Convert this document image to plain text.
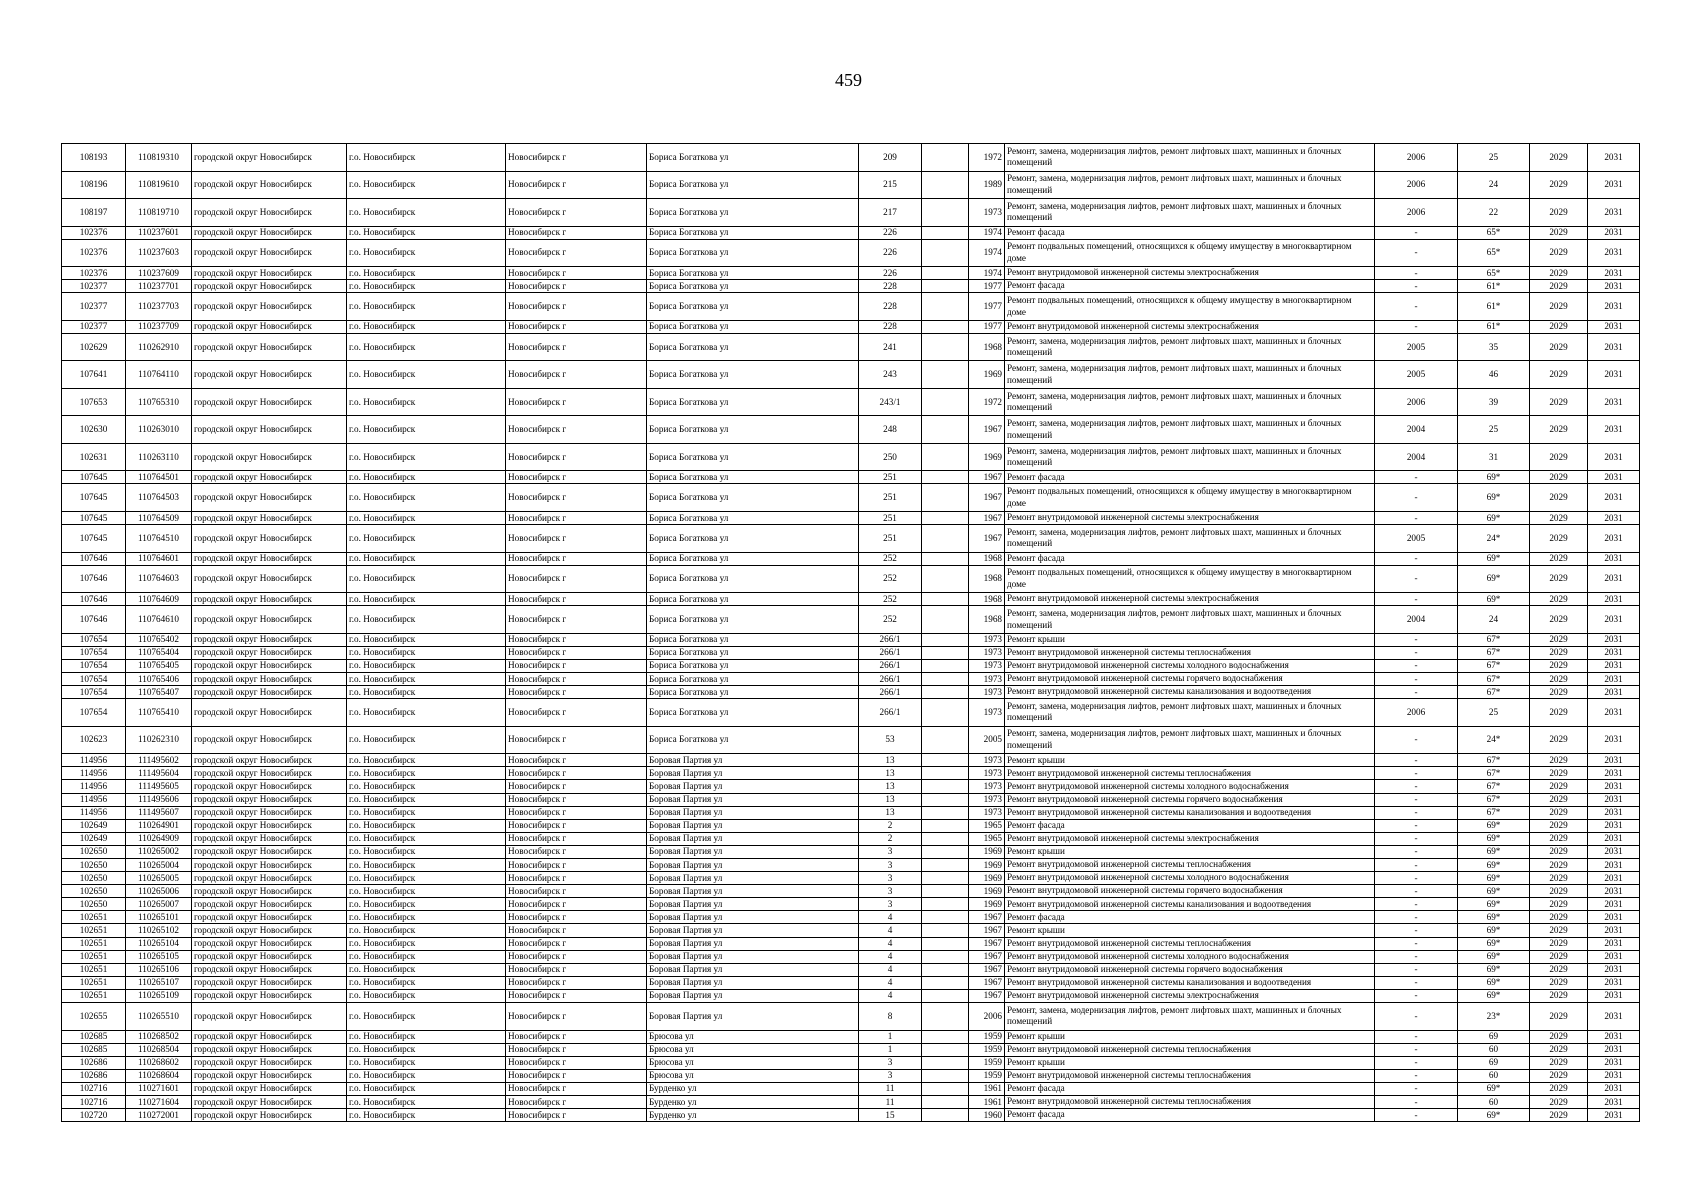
459
108193	110819310	городской округ Новосибирск	г.о. Новосибирск	Новосибирск г	Бориса Богаткова ул	209		1972	Ремонт, замена, модернизация лифтов, ремонт лифтовых шахт, машинных и блочных помещений	2006	25	2029	2031
108196	110819610	городской округ Новосибирск	г.о. Новосибирск	Новосибирск г	Бориса Богаткова ул	215		1989	Ремонт, замена, модернизация лифтов, ремонт лифтовых шахт, машинных и блочных помещений	2006	24	2029	2031
108197	110819710	городской округ Новосибирск	г.о. Новосибирск	Новосибирск г	Бориса Богаткова ул	217		1973	Ремонт, замена, модернизация лифтов, ремонт лифтовых шахт, машинных и блочных помещений	2006	22	2029	2031
102376	110237601	городской округ Новосибирск	г.о. Новосибирск	Новосибирск г	Бориса Богаткова ул	226		1974	Ремонт фасада	-	65*	2029	2031
102376	110237603	городской округ Новосибирск	г.о. Новосибирск	Новосибирск г	Бориса Богаткова ул	226		1974	Ремонт подвальных помещений, относящихся к общему имуществу в многоквартирном доме	-	65*	2029	2031
102376	110237609	городской округ Новосибирск	г.о. Новосибирск	Новосибирск г	Бориса Богаткова ул	226		1974	Ремонт внутридомовой инженерной системы электроснабжения	-	65*	2029	2031
102377	110237701	городской округ Новосибирск	г.о. Новосибирск	Новосибирск г	Бориса Богаткова ул	228		1977	Ремонт фасада	-	61*	2029	2031
102377	110237703	городской округ Новосибирск	г.о. Новосибирск	Новосибирск г	Бориса Богаткова ул	228		1977	Ремонт подвальных помещений, относящихся к общему имуществу в многоквартирном доме	-	61*	2029	2031
102377	110237709	городской округ Новосибирск	г.о. Новосибирск	Новосибирск г	Бориса Богаткова ул	228		1977	Ремонт внутридомовой инженерной системы электроснабжения	-	61*	2029	2031
102629	110262910	городской округ Новосибирск	г.о. Новосибирск	Новосибирск г	Бориса Богаткова ул	241		1968	Ремонт, замена, модернизация лифтов, ремонт лифтовых шахт, машинных и блочных помещений	2005	35	2029	2031
107641	110764110	городской округ Новосибирск	г.о. Новосибирск	Новосибирск г	Бориса Богаткова ул	243		1969	Ремонт, замена, модернизация лифтов, ремонт лифтовых шахт, машинных и блочных помещений	2005	46	2029	2031
107653	110765310	городской округ Новосибирск	г.о. Новосибирск	Новосибирск г	Бориса Богаткова ул	243/1		1972	Ремонт, замена, модернизация лифтов, ремонт лифтовых шахт, машинных и блочных помещений	2006	39	2029	2031
102630	110263010	городской округ Новосибирск	г.о. Новосибирск	Новосибирск г	Бориса Богаткова ул	248		1967	Ремонт, замена, модернизация лифтов, ремонт лифтовых шахт, машинных и блочных помещений	2004	25	2029	2031
102631	110263110	городской округ Новосибирск	г.о. Новосибирск	Новосибирск г	Бориса Богаткова ул	250		1969	Ремонт, замена, модернизация лифтов, ремонт лифтовых шахт, машинных и блочных помещений	2004	31	2029	2031
107645	110764501	городской округ Новосибирск	г.о. Новосибирск	Новосибирск г	Бориса Богаткова ул	251		1967	Ремонт фасада	-	69*	2029	2031
107645	110764503	городской округ Новосибирск	г.о. Новосибирск	Новосибирск г	Бориса Богаткова ул	251		1967	Ремонт подвальных помещений, относящихся к общему имуществу в многоквартирном доме	-	69*	2029	2031
107645	110764509	городской округ Новосибирск	г.о. Новосибирск	Новосибирск г	Бориса Богаткова ул	251		1967	Ремонт внутридомовой инженерной системы электроснабжения	-	69*	2029	2031
107645	110764510	городской округ Новосибирск	г.о. Новосибирск	Новосибирск г	Бориса Богаткова ул	251		1967	Ремонт, замена, модернизация лифтов, ремонт лифтовых шахт, машинных и блочных помещений	2005	24*	2029	2031
107646	110764601	городской округ Новосибирск	г.о. Новосибирск	Новосибирск г	Бориса Богаткова ул	252		1968	Ремонт фасада	-	69*	2029	2031
107646	110764603	городской округ Новосибирск	г.о. Новосибирск	Новосибирск г	Бориса Богаткова ул	252		1968	Ремонт подвальных помещений, относящихся к общему имуществу в многоквартирном доме	-	69*	2029	2031
107646	110764609	городской округ Новосибирск	г.о. Новосибирск	Новосибирск г	Бориса Богаткова ул	252		1968	Ремонт внутридомовой инженерной системы электроснабжения	-	69*	2029	2031
107646	110764610	городской округ Новосибирск	г.о. Новосибирск	Новосибирск г	Бориса Богаткова ул	252		1968	Ремонт, замена, модернизация лифтов, ремонт лифтовых шахт, машинных и блочных помещений	2004	24	2029	2031
107654	110765402	городской округ Новосибирск	г.о. Новосибирск	Новосибирск г	Бориса Богаткова ул	266/1		1973	Ремонт крыши	-	67*	2029	2031
107654	110765404	городской округ Новосибирск	г.о. Новосибирск	Новосибирск г	Бориса Богаткова ул	266/1		1973	Ремонт внутридомовой инженерной системы теплоснабжения	-	67*	2029	2031
107654	110765405	городской округ Новосибирск	г.о. Новосибирск	Новосибирск г	Бориса Богаткова ул	266/1		1973	Ремонт внутридомовой инженерной системы холодного водоснабжения	-	67*	2029	2031
107654	110765406	городской округ Новосибирск	г.о. Новосибирск	Новосибирск г	Бориса Богаткова ул	266/1		1973	Ремонт внутридомовой инженерной системы горячего водоснабжения	-	67*	2029	2031
107654	110765407	городской округ Новосибирск	г.о. Новосибирск	Новосибирск г	Бориса Богаткова ул	266/1		1973	Ремонт внутридомовой инженерной системы канализования и водоотведения	-	67*	2029	2031
107654	110765410	городской округ Новосибирск	г.о. Новосибирск	Новосибирск г	Бориса Богаткова ул	266/1		1973	Ремонт, замена, модернизация лифтов, ремонт лифтовых шахт, машинных и блочных помещений	2006	25	2029	2031
102623	110262310	городской округ Новосибирск	г.о. Новосибирск	Новосибирск г	Бориса Богаткова ул	53		2005	Ремонт, замена, модернизация лифтов, ремонт лифтовых шахт, машинных и блочных помещений	-	24*	2029	2031
114956	111495602	городской округ Новосибирск	г.о. Новосибирск	Новосибирск г	Боровая Партия ул	13		1973	Ремонт крыши	-	67*	2029	2031
114956	111495604	городской округ Новосибирск	г.о. Новосибирск	Новосибирск г	Боровая Партия ул	13		1973	Ремонт внутридомовой инженерной системы теплоснабжения	-	67*	2029	2031
114956	111495605	городской округ Новосибирск	г.о. Новосибирск	Новосибирск г	Боровая Партия ул	13		1973	Ремонт внутридомовой инженерной системы холодного водоснабжения	-	67*	2029	2031
114956	111495606	городской округ Новосибирск	г.о. Новосибирск	Новосибирск г	Боровая Партия ул	13		1973	Ремонт внутридомовой инженерной системы горячего водоснабжения	-	67*	2029	2031
114956	111495607	городской округ Новосибирск	г.о. Новосибирск	Новосибирск г	Боровая Партия ул	13		1973	Ремонт внутридомовой инженерной системы канализования и водоотведения	-	67*	2029	2031
102649	110264901	городской округ Новосибирск	г.о. Новосибирск	Новосибирск г	Боровая Партия ул	2		1965	Ремонт фасада	-	69*	2029	2031
102649	110264909	городской округ Новосибирск	г.о. Новосибирск	Новосибирск г	Боровая Партия ул	2		1965	Ремонт внутридомовой инженерной системы электроснабжения	-	69*	2029	2031
102650	110265002	городской округ Новосибирск	г.о. Новосибирск	Новосибирск г	Боровая Партия ул	3		1969	Ремонт крыши	-	69*	2029	2031
102650	110265004	городской округ Новосибирск	г.о. Новосибирск	Новосибирск г	Боровая Партия ул	3		1969	Ремонт внутридомовой инженерной системы теплоснабжения	-	69*	2029	2031
102650	110265005	городской округ Новосибирск	г.о. Новосибирск	Новосибирск г	Боровая Партия ул	3		1969	Ремонт внутридомовой инженерной системы холодного водоснабжения	-	69*	2029	2031
102650	110265006	городской округ Новосибирск	г.о. Новосибирск	Новосибирск г	Боровая Партия ул	3		1969	Ремонт внутридомовой инженерной системы горячего водоснабжения	-	69*	2029	2031
102650	110265007	городской округ Новосибирск	г.о. Новосибирск	Новосибирск г	Боровая Партия ул	3		1969	Ремонт внутридомовой инженерной системы канализования и водоотведения	-	69*	2029	2031
102651	110265101	городской округ Новосибирск	г.о. Новосибирск	Новосибирск г	Боровая Партия ул	4		1967	Ремонт фасада	-	69*	2029	2031
102651	110265102	городской округ Новосибирск	г.о. Новосибирск	Новосибирск г	Боровая Партия ул	4		1967	Ремонт крыши	-	69*	2029	2031
102651	110265104	городской округ Новосибирск	г.о. Новосибирск	Новосибирск г	Боровая Партия ул	4		1967	Ремонт внутридомовой инженерной системы теплоснабжения	-	69*	2029	2031
102651	110265105	городской округ Новосибирск	г.о. Новосибирск	Новосибирск г	Боровая Партия ул	4		1967	Ремонт внутридомовой инженерной системы холодного водоснабжения	-	69*	2029	2031
102651	110265106	городской округ Новосибирск	г.о. Новосибирск	Новосибирск г	Боровая Партия ул	4		1967	Ремонт внутридомовой инженерной системы горячего водоснабжения	-	69*	2029	2031
102651	110265107	городской округ Новосибирск	г.о. Новосибирск	Новосибирск г	Боровая Партия ул	4		1967	Ремонт внутридомовой инженерной системы канализования и водоотведения	-	69*	2029	2031
102651	110265109	городской округ Новосибирск	г.о. Новосибирск	Новосибирск г	Боровая Партия ул	4		1967	Ремонт внутридомовой инженерной системы электроснабжения	-	69*	2029	2031
102655	110265510	городской округ Новосибирск	г.о. Новосибирск	Новосибирск г	Боровая Партия ул	8		2006	Ремонт, замена, модернизация лифтов, ремонт лифтовых шахт, машинных и блочных помещений	-	23*	2029	2031
102685	110268502	городской округ Новосибирск	г.о. Новосибирск	Новосибирск г	Брюсова ул	1		1959	Ремонт крыши	-	69	2029	2031
102685	110268504	городской округ Новосибирск	г.о. Новосибирск	Новосибирск г	Брюсова ул	1		1959	Ремонт внутридомовой инженерной системы теплоснабжения	-	60	2029	2031
102686	110268602	городской округ Новосибирск	г.о. Новосибирск	Новосибирск г	Брюсова ул	3		1959	Ремонт крыши	-	69	2029	2031
102686	110268604	городской округ Новосибирск	г.о. Новосибирск	Новосибирск г	Брюсова ул	3		1959	Ремонт внутридомовой инженерной системы теплоснабжения	-	60	2029	2031
102716	110271601	городской округ Новосибирск	г.о. Новосибирск	Новосибирск г	Бурденко ул	11		1961	Ремонт фасада	-	69*	2029	2031
102716	110271604	городской округ Новосибирск	г.о. Новосибирск	Новосибирск г	Бурденко ул	11		1961	Ремонт внутридомовой инженерной системы теплоснабжения	-	60	2029	2031
102720	110272001	городской округ Новосибирск	г.о. Новосибирск	Новосибирск г	Бурденко ул	15		1960	Ремонт фасада	-	69*	2029	2031
